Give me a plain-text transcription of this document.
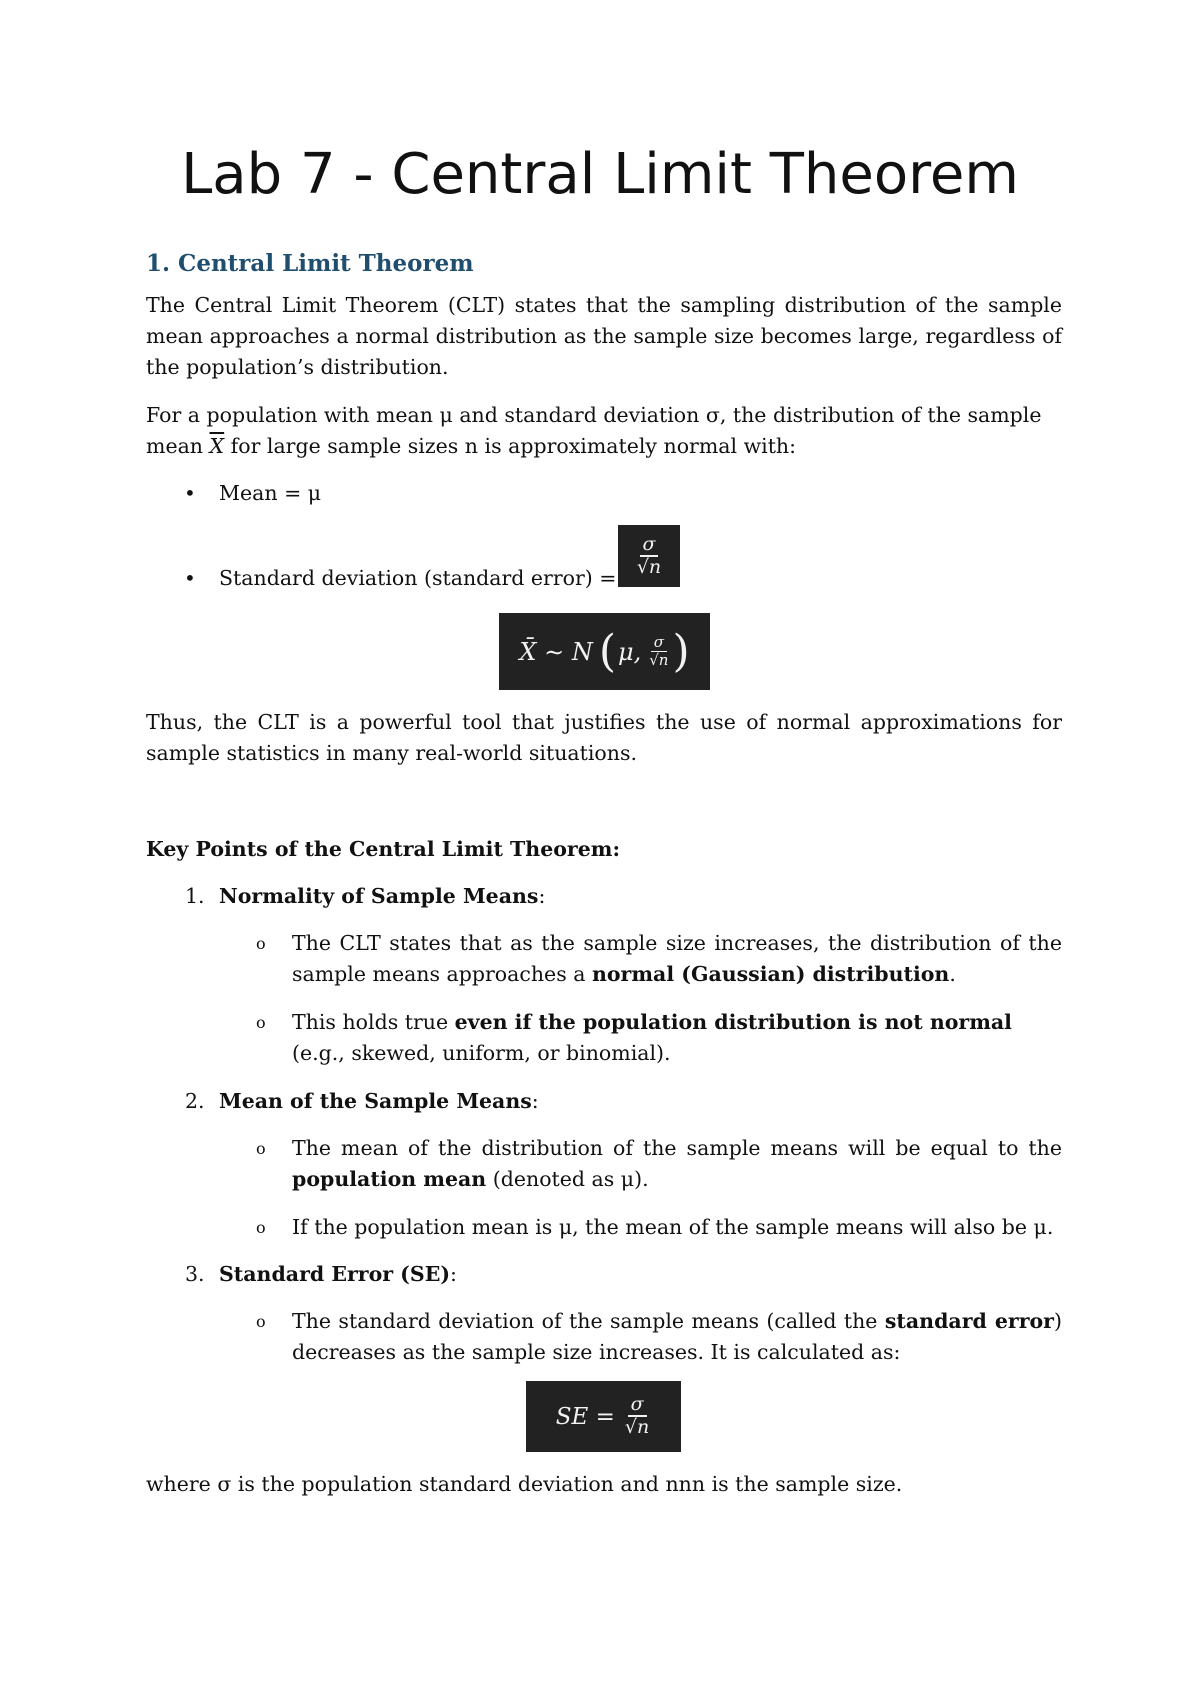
Lab 7 - Central Limit Theorem
1. Central Limit Theorem

The Central Limit Theorem (CLT) states that the sampling distribution of the sample mean approaches a normal distribution as the sample size becomes large, regardless of the population’s distribution.

For a population with mean μ and standard deviation σ, the distribution of the sample mean $\overline{X}$ for large sample sizes n is approximately normal with:

• Mean = μ

• Standard deviation (standard error) = $\frac{\sigma}{√n}$
X̄ ∼ N ( μ, $\frac{\sigma}{√n}$ )

Thus, the CLT is a powerful tool that justifies the use of normal approximations for sample statistics in many real-world situations.

Key Points of the Central Limit Theorem:

1. Normality of Sample Means:

o The CLT states that as the sample size increases, the distribution of the sample means approaches a normal (Gaussian) distribution.

o This holds true even if the population distribution is not normal (e.g., skewed, uniform, or binomial).

2. Mean of the Sample Means:

o The mean of the distribution of the sample means will be equal to the population mean (denoted as μ).

o If the population mean is μ, the mean of the sample means will also be μ.

3. Standard Error (SE):

o The standard deviation of the sample means (called the standard error) decreases as the sample size increases. It is calculated as:

SE = $\frac{\sigma}{√n}$

where σ is the population standard deviation and nnn is the sample size.
